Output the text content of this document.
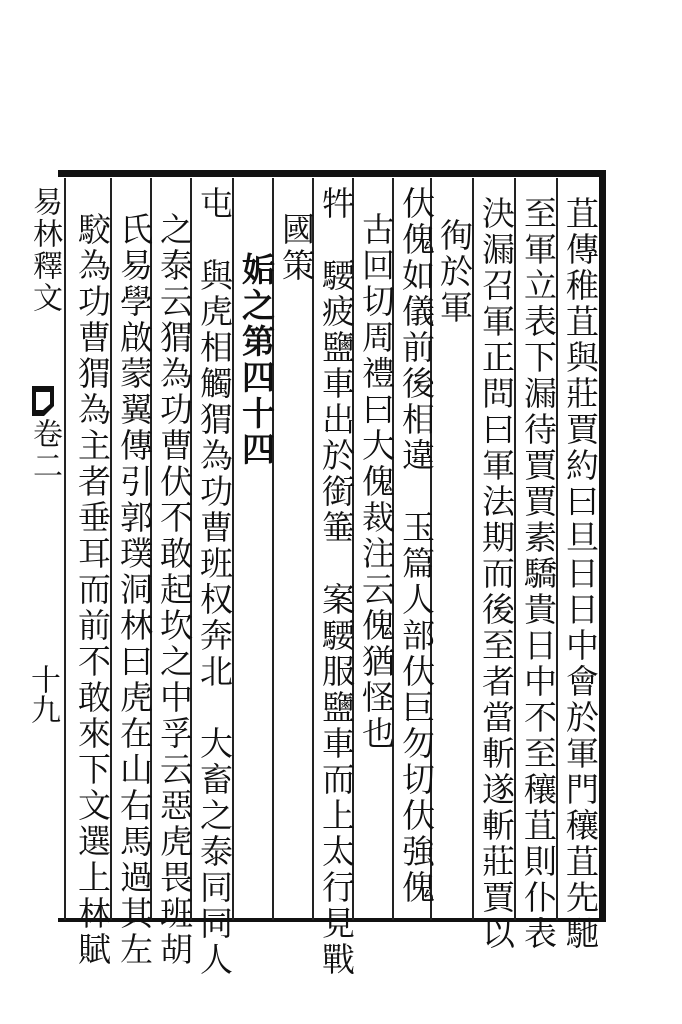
苴傳稚苴與莊賈約曰旦日日中會於軍門穰苴先馳
至軍立表下漏待賈賈素驕貴日中不至穰苴則仆表
決漏召軍正問曰軍法期而後至者當斬遂斬莊賈以
徇於軍
㐲傀如儀前後相違　玉篇人部㐲巨勿切㐲強傀
古回切周禮曰大傀裁注云傀猶怪也
牪　騕疲鹽車出於銜箠　案騕服鹽車而上太行見戰
國策
姤之第四十四
屯　與虎相觸猬為功曹班权奔北　大畜之泰同同人
之泰云猬為功曹伏不敢起坎之中孚云惡虎畏班胡
氏易學啟蒙翼傳引郭璞洞林曰虎在山右馬過其左
駮為功曹猬為主者垂耳而前不敢來下文選上林賦
易林釋文
卷二
十九
